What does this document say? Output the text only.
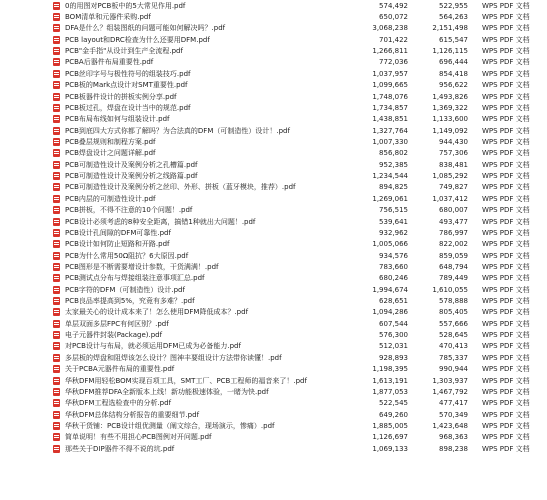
0的用图对PCB板中的5大常见作用.pdf	574,492	522,955 WPS PDF 文档
BOM清单和元器件采购.pdf	650,072	564,263 WPS PDF 文档
DFA是什么？组装图纸的问题可能如何解决吗？.pdf	3,068,238	2,151,498 WPS PDF 文档
PCB layout和DRC检查为什么还要用DFM.pdf	701,422	615,547 WPS PDF 文档
PCB"金手指"从设计到生产全流程.pdf	1,266,811	1,126,115 WPS PDF 文档
PCBA后器件布局重要性.pdf	772,036	696,444 WPS PDF 文档
PCB丝印字号与极性符号的组装技巧.pdf	1,037,957	854,418 WPS PDF 文档
PCB板的Mark点设计对SMT重要性.pdf	1,099,665	956,622 WPS PDF 文档
PCB板器件设计的拼板实例分享.pdf	1,748,076	1,493,826 WPS PDF 文档
PCB板过孔，焊盘在设计当中的规范.pdf	1,734,857	1,369,322 WPS PDF 文档
PCB布局布线如何与组装设计.pdf	1,438,851	1,133,600 WPS PDF 文档
PCB到底四大方式你都了解吗？为合法真的DFM（可制造性）设计！.pdf	1,327,764	1,149,092 WPS PDF 文档
PCB叠层规则和制程方案.pdf	1,007,330	944,430 WPS PDF 文档
PCB焊盘设计之问题详解.pdf	856,802	757,306 WPS PDF 文档
PCB可制造性设计及案例分析之孔槽篇.pdf	952,385	838,481 WPS PDF 文档
PCB可制造性设计及案例分析之线路篇.pdf	1,234,544	1,085,292 WPS PDF 文档
PCB可制造性设计及案例分析之丝印、外形、拼板（蓝牙模块，推荐）.pdf	894,825	749,827 WPS PDF 文档
PCB内层的可制造性设计.pdf	1,269,061	1,037,412 WPS PDF 文档
PCB拼板，不得不注意的10个问题！.pdf	756,515	680,007 WPS PDF 文档
PCB设计必须考虑的8种安全距离，搞错1种就出大问题！.pdf	539,641	493,477 WPS PDF 文档
PCB设计孔间隙的DFM可靠性.pdf	932,962	786,997 WPS PDF 文档
PCB设计如何防止短路和开路.pdf	1,005,066	822,002 WPS PDF 文档
PCB为什么常用50Ω阻抗？6大原因.pdf	934,576	859,059 WPS PDF 文档
PCB图形是不断需要增设计参数，干货满满！.pdf	783,660	648,794 WPS PDF 文档
PCB测试点分布与焊接组装注意事项汇总.pdf	680,246	789,449 WPS PDF 文档
PCB字符的DFM（可制造性）设计.pdf	1,994,674	1,610,055 WPS PDF 文档
PCB良品率提高到5%，究竟有多难？.pdf	628,651	578,888 WPS PDF 文档
太家最关心的设计成本来了！怎么使用DFM降低成本？.pdf	1,094,286	805,405 WPS PDF 文档
单层双面多层FPC有何区别？.pdf	607,544	557,666 WPS PDF 文档
电子元器件封装(Package).pdf	576,300	528,645 WPS PDF 文档
对PCB设计与布局，就必须运用DFM已成为必备能力.pdf	512,031	470,413 WPS PDF 文档
多层板的焊盘和阻焊该怎么设计？图神丰要组设计方法带你读懂！.pdf	928,893	785,337 WPS PDF 文档
关于PCBA元器件布局的重要性.pdf	1,198,395	990,944 WPS PDF 文档
华秋DFM用轻松BOM实现百项工具，SMT工厂、PCB工程师的福音来了！.pdf	1,613,191	1,303,937 WPS PDF 文档
华秋DFM推荐DFA全新版本上线！新功能极速体验，一睹为快.pdf	1,877,053	1,467,792 WPS PDF 文档
华秋DFM工程选检查中的分析.pdf	522,545	477,417 WPS PDF 文档
华秋DFM总体结构分析报告的重要细节.pdf	649,260	570,349 WPS PDF 文档
华秋干货铺：PCB设计组优测量（阐文综合，现场演示，惨痛）.pdf	1,885,005	1,423,648 WPS PDF 文档
简单说明！有些不用担心PCB图例对开问题.pdf	1,126,697	968,363 WPS PDF 文档
那些关于DIP器件不得不说的坑.pdf	1,069,133	898,238 WPS PDF 文档
